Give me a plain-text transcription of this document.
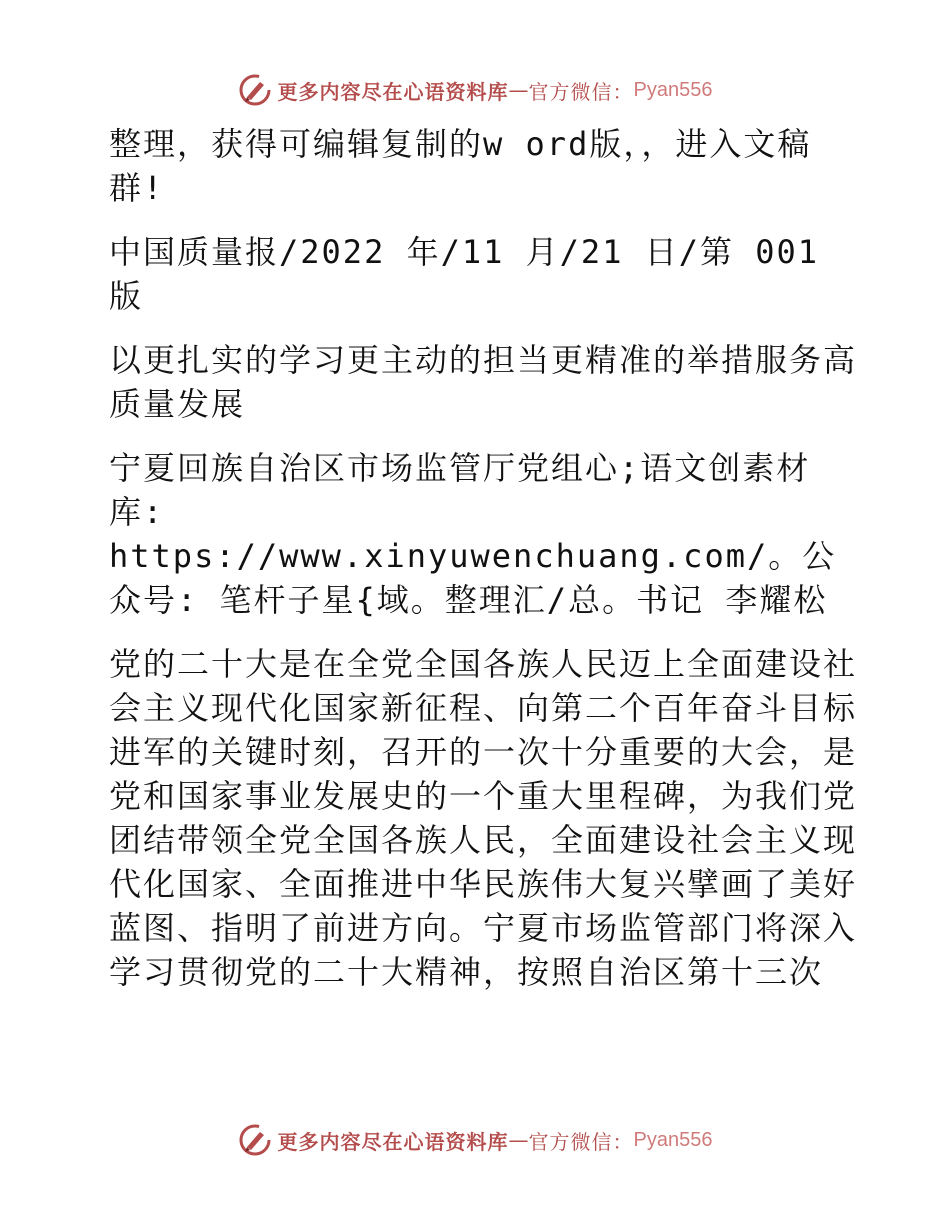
更多内容尽在心语资料库 — 官方微信： Pyan556

整理，获得可编辑复制的w ord版，，进入文稿群!

中国质量报/2022 年/11 月/21 日/第 001 版

以更扎实的学习更主动的担当更精准的举措服务高质量发展

宁夏回族自治区市场监管厅党组心;语文创素材库: https://www.xinyuwenchuang.com/。公众号: 笔杆子星{域。整理汇/总。书记 李耀松

党的二十大是在全党全国各族人民迈上全面建设社会主义现代化国家新征程、向第二个百年奋斗目标进军的关键时刻，召开的一次十分重要的大会，是党和国家事业发展史的一个重大里程碑，为我们党团结带领全党全国各族人民，全面建设社会主义现代化国家、全面推进中华民族伟大复兴擘画了美好蓝图、指明了前进方向。宁夏市场监管部门将深入学习贯彻党的二十大精神，按照自治区第十三次

更多内容尽在心语资料库 — 官方微信： Pyan556
